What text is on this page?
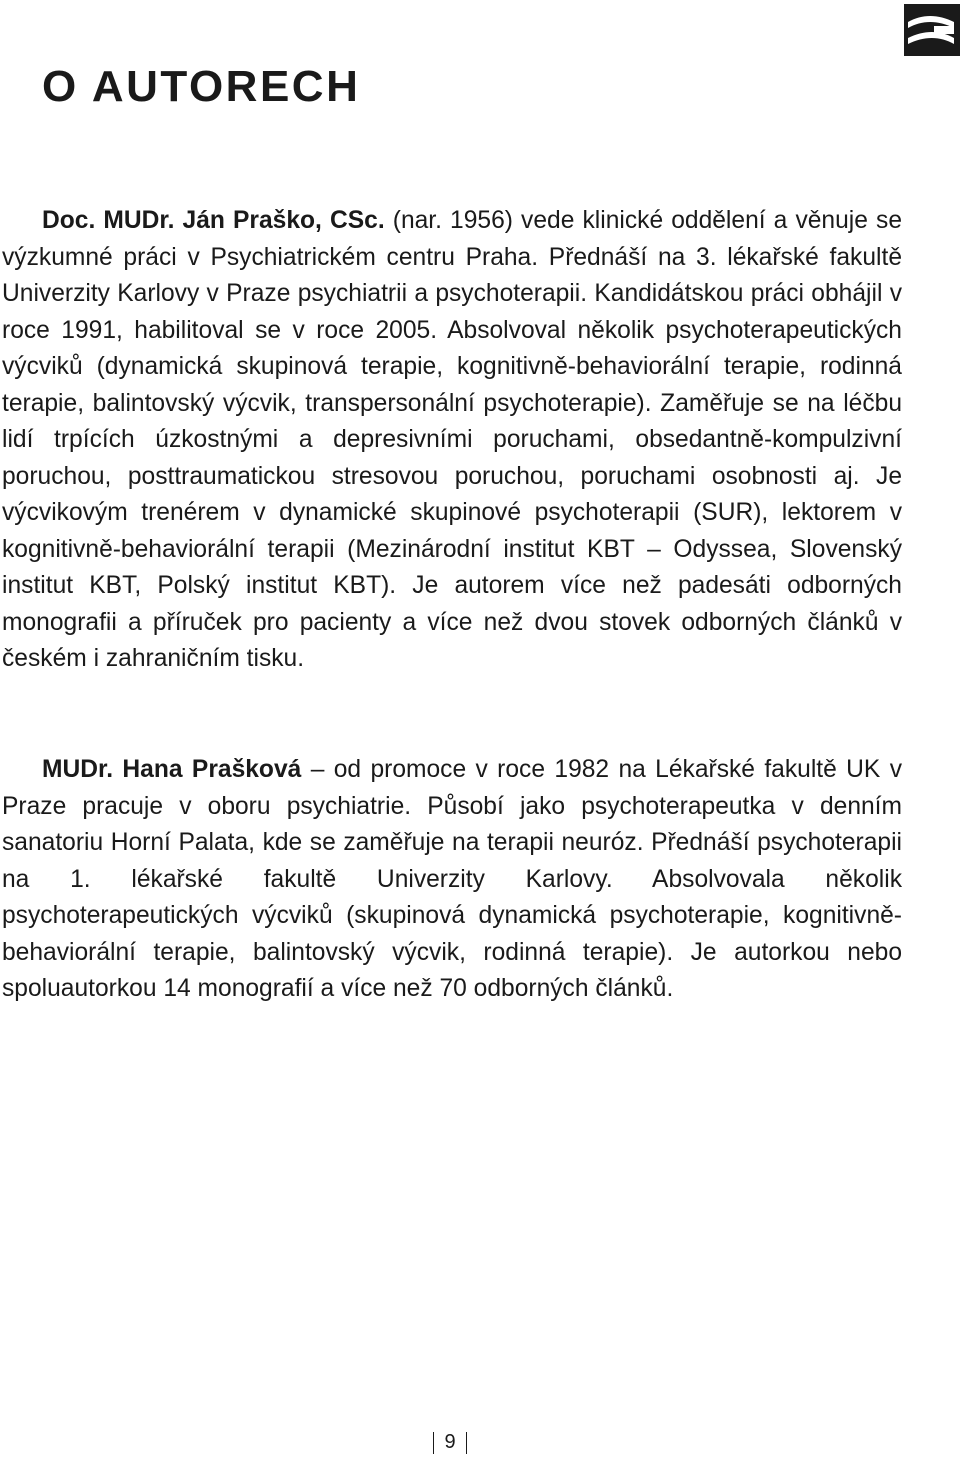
O AUTORECH

Doc. MUDr. Ján Praško, CSc. (nar. 1956) vede klinické oddělení a věnuje se výzkumné práci v Psychiatrickém centru Praha. Přednáší na 3. lékařské fakultě Univerzity Karlovy v Praze psychiatrii a psychoterapii. Kandidátskou práci obhájil v roce 1991, habilitoval se v roce 2005. Absolvoval několik psychoterapeutických výcviků (dynamická skupinová terapie, kognitivně-behaviorální terapie, rodinná terapie, balintovský výcvik, transpersonální psychoterapie). Zaměřuje se na léčbu lidí trpících úzkostnými a depresivními poruchami, obsedantně-kompulzivní poruchou, posttraumatickou stresovou poruchou, poruchami osobnosti aj. Je výcvikovým trenérem v dynamické skupinové psychoterapii (SUR), lektorem v kognitivně-behaviorální terapii (Mezinárodní institut KBT – Odyssea, Slovenský institut KBT, Polský institut KBT). Je autorem více než padesáti odborných monografii a příruček pro pacienty a více než dvou stovek odborných článků v českém i zahraničním tisku.

MUDr. Hana Prašková – od promoce v roce 1982 na Lékařské fakultě UK v Praze pracuje v oboru psychiatrie. Působí jako psychoterapeutka v denním sanatoriu Horní Palata, kde se zaměřuje na terapii neuróz. Přednáší psychoterapii na 1. lékařské fakultě Univerzity Karlovy. Absolvovala několik psychoterapeutických výcviků (skupinová dynamická psychoterapie, kognitivně-behaviorální terapie, balintovský výcvik, rodinná terapie). Je autorkou nebo spoluautorkou 14 monografií a více než 70 odborných článků.

9
